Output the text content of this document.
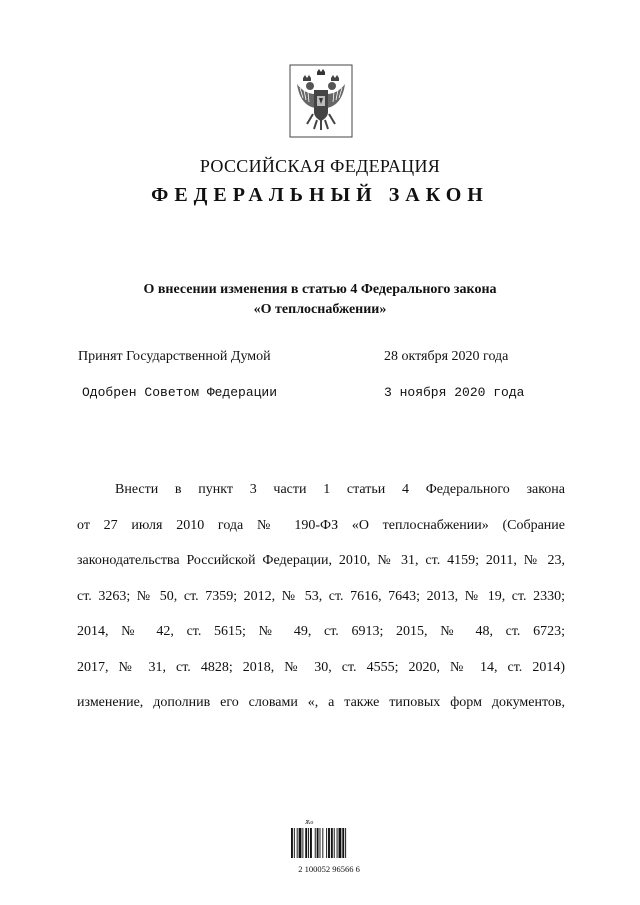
РОССИЙСКАЯ ФЕДЕРАЦИЯ
ФЕДЕРАЛЬНЫЙ ЗАКОН
О внесении изменения в статью 4 Федерального закона
«О теплоснабжении»
Принят Государственной Думой	28 октября 2020 года
Одобрен Советом Федерации	3 ноября 2020 года
Внести в пункт 3 части 1 статьи 4 Федерального закона
от 27 июля 2010 года № 190-ФЗ «О теплоснабжении» (Собрание
законодательства Российской Федерации, 2010, № 31, ст. 4159; 2011, № 23,
ст. 3263; № 50, ст. 7359; 2012, № 53, ст. 7616, 7643; 2013, № 19, ст. 2330;
2014, № 42, ст. 5615; № 49, ст. 6913; 2015, № 48, ст. 6723;
2017, № 31, ст. 4828; 2018, № 30, ст. 4555; 2020, № 14, ст. 2014)
изменение, дополнив его словами «, а также типовых форм документов,
Ѫо
2 100052 96566 6
